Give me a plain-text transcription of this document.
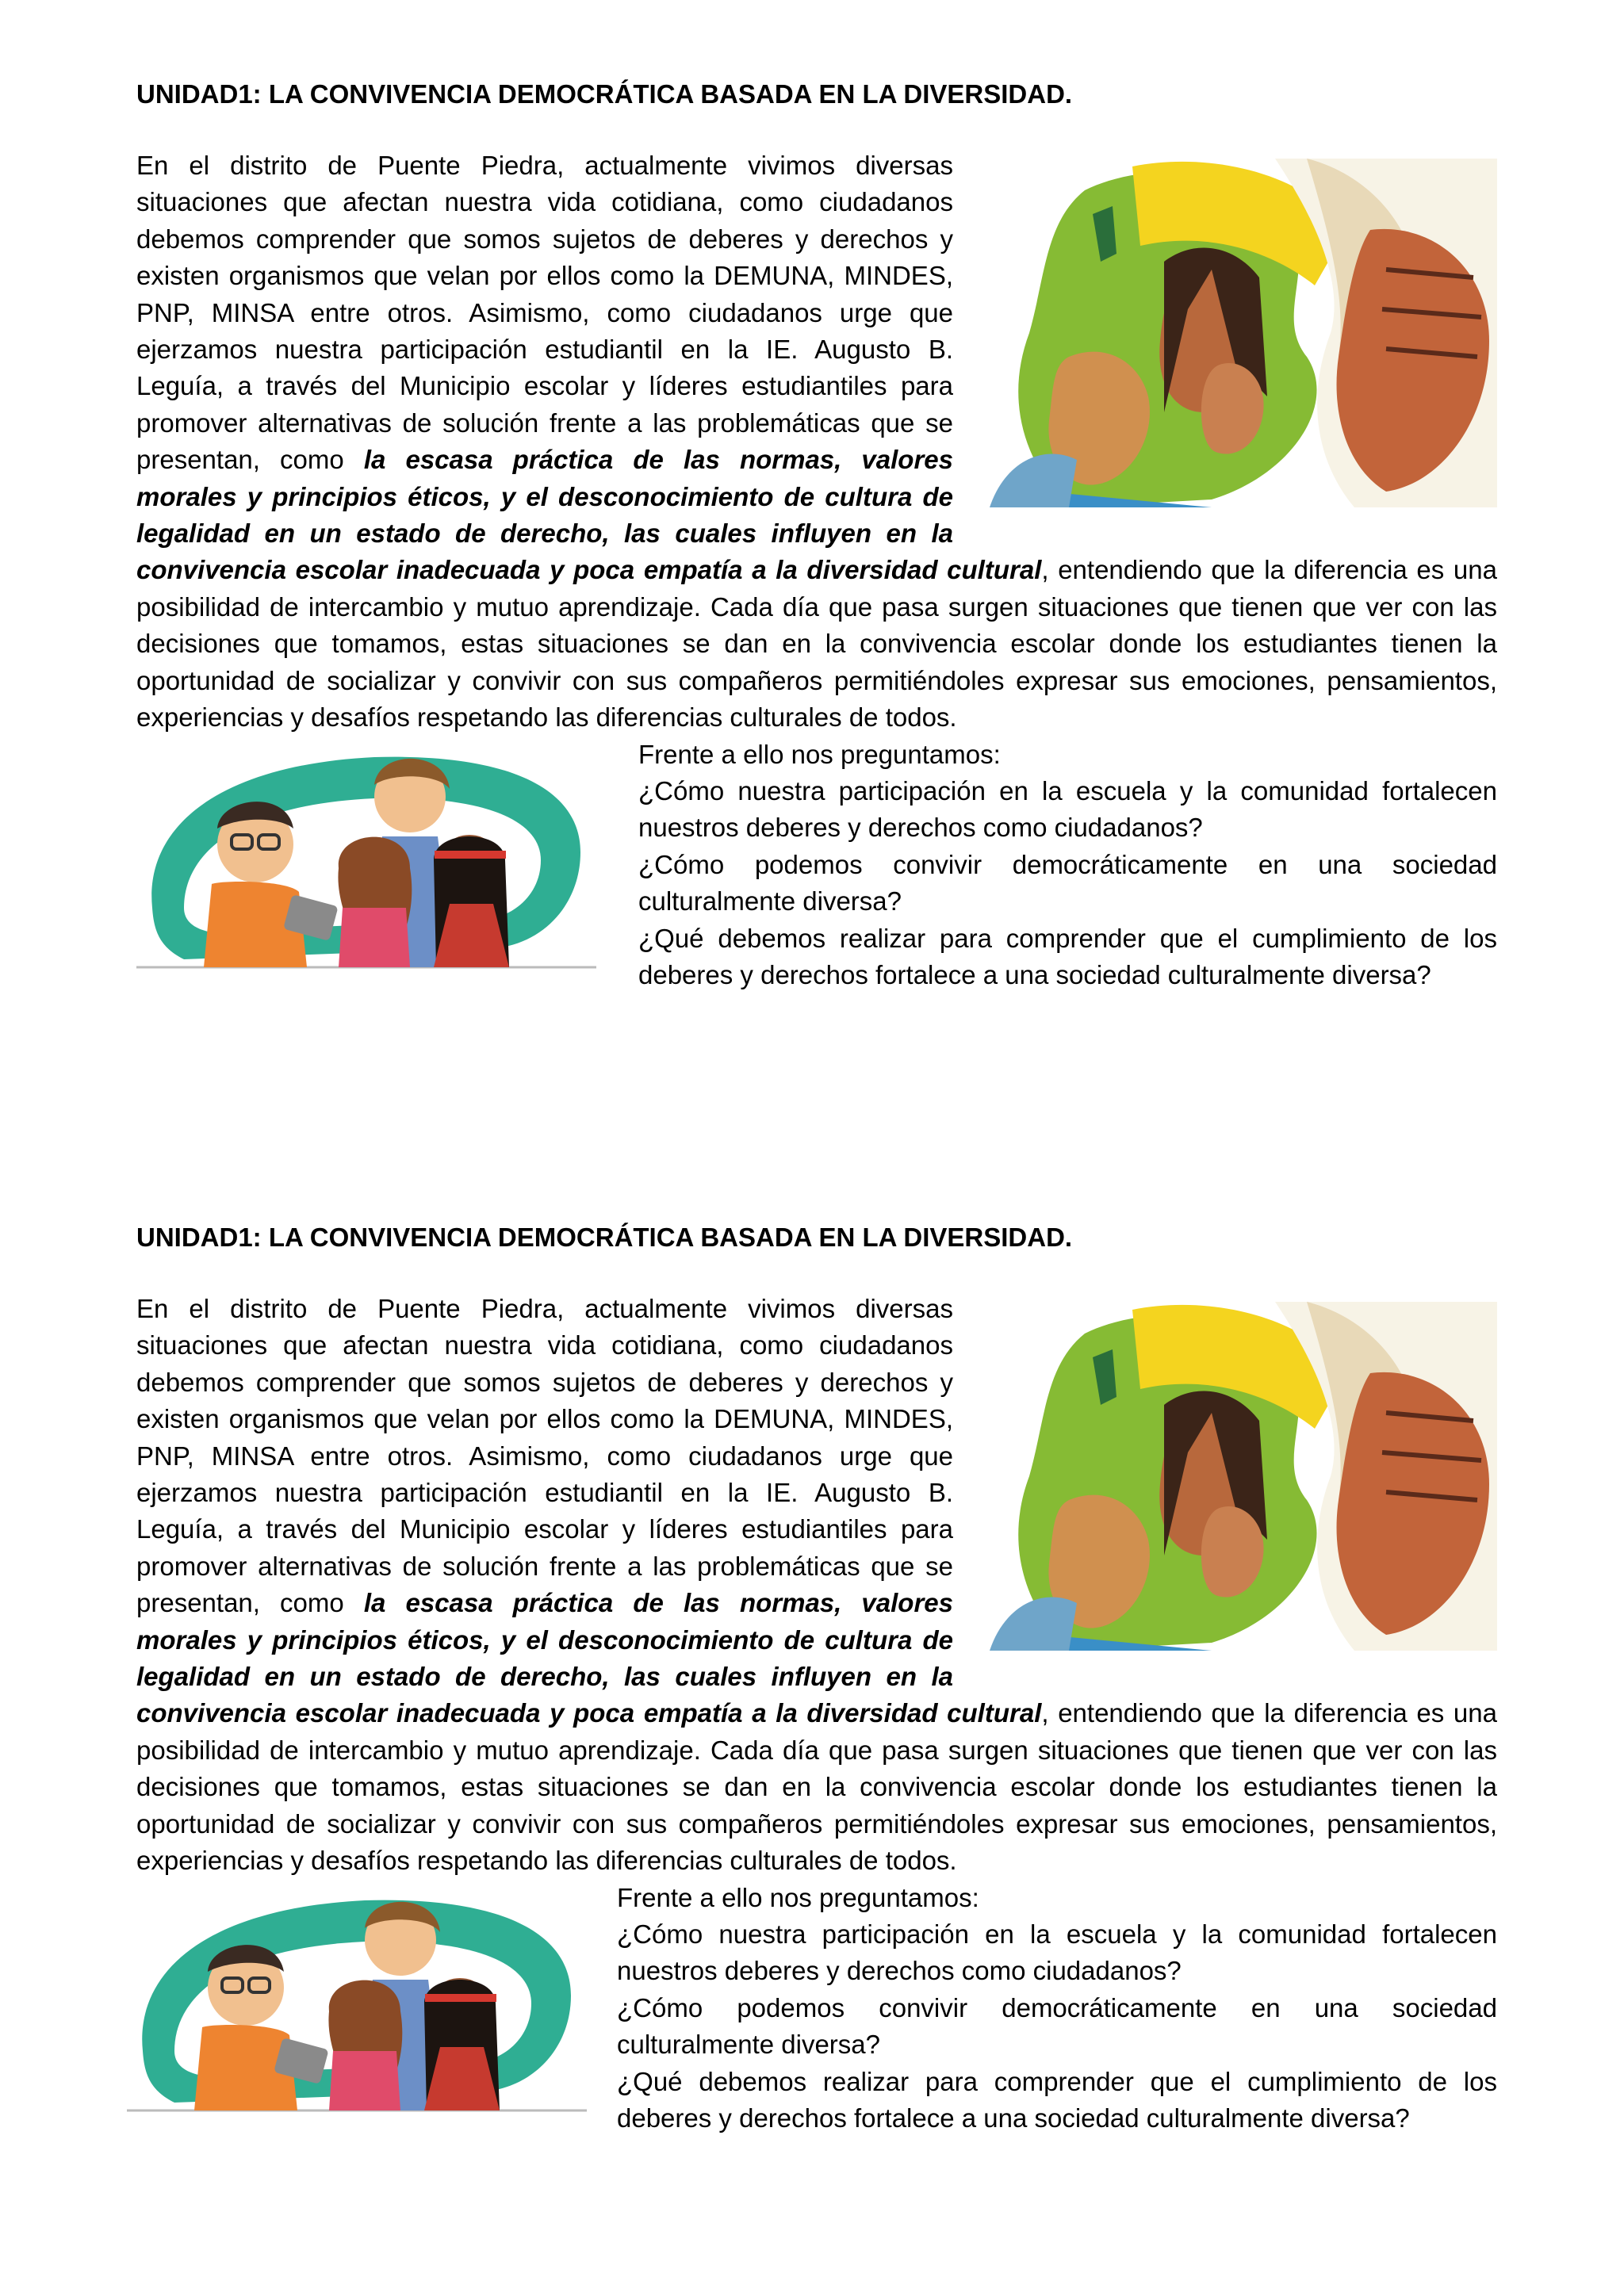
UNIDAD1: LA CONVIVENCIA DEMOCRÁTICA BASADA EN LA DIVERSIDAD.
En el distrito de Puente Piedra, actualmente vivimos diversas situaciones que afectan nuestra vida cotidiana, como ciudadanos debemos comprender que somos sujetos de deberes y derechos y existen organismos que velan por ellos como la DEMUNA, MINDES, PNP, MINSA entre otros. Asimismo, como ciudadanos urge que ejerzamos nuestra participación estudiantil en la IE. Augusto B. Leguía, a través del Municipio escolar y líderes estudiantiles para promover alternativas de solución frente a las problemáticas que se presentan, como la escasa práctica de las normas, valores morales y principios éticos, y el desconocimiento de cultura de legalidad en un estado de derecho, las cuales influyen en la convivencia escolar inadecuada y poca empatía a la diversidad cultural, entendiendo que la diferencia es una posibilidad de intercambio y mutuo aprendizaje. Cada día que pasa surgen situaciones que tienen que ver con las decisiones que tomamos, estas situaciones se dan en la convivencia escolar donde los estudiantes tienen la oportunidad de socializar y convivir con sus compañeros permitiéndoles expresar sus emociones, pensamientos, experiencias y desafíos respetando las diferencias culturales de todos.

Frente a ello nos preguntamos:

¿Cómo nuestra participación en la escuela y la comunidad fortalecen nuestros deberes y derechos como ciudadanos?

¿Cómo podemos convivir democráticamente en una sociedad culturalmente diversa?

¿Qué debemos realizar para comprender que el cumplimiento de los deberes y derechos fortalece a una sociedad culturalmente diversa?

UNIDAD1: LA CONVIVENCIA DEMOCRÁTICA BASADA EN LA DIVERSIDAD.
En el distrito de Puente Piedra, actualmente vivimos diversas situaciones que afectan nuestra vida cotidiana, como ciudadanos debemos comprender que somos sujetos de deberes y derechos y existen organismos que velan por ellos como la DEMUNA, MINDES, PNP, MINSA entre otros. Asimismo, como ciudadanos urge que ejerzamos nuestra participación estudiantil en la IE. Augusto B. Leguía, a través del Municipio escolar y líderes estudiantiles para promover alternativas de solución frente a las problemáticas que se presentan, como la escasa práctica de las normas, valores morales y principios éticos, y el desconocimiento de cultura de legalidad en un estado de derecho, las cuales influyen en la convivencia escolar inadecuada y poca empatía a la diversidad cultural, entendiendo que la diferencia es una posibilidad de intercambio y mutuo aprendizaje. Cada día que pasa surgen situaciones que tienen que ver con las decisiones que tomamos, estas situaciones se dan en la convivencia escolar donde los estudiantes tienen la oportunidad de socializar y convivir con sus compañeros permitiéndoles expresar sus emociones, pensamientos, experiencias y desafíos respetando las diferencias culturales de todos.

Frente a ello nos preguntamos:

¿Cómo nuestra participación en la escuela y la comunidad fortalecen nuestros deberes y derechos como ciudadanos?

¿Cómo podemos convivir democráticamente en una sociedad culturalmente diversa?

¿Qué debemos realizar para comprender que el cumplimiento de los deberes y derechos fortalece a una sociedad culturalmente diversa?
